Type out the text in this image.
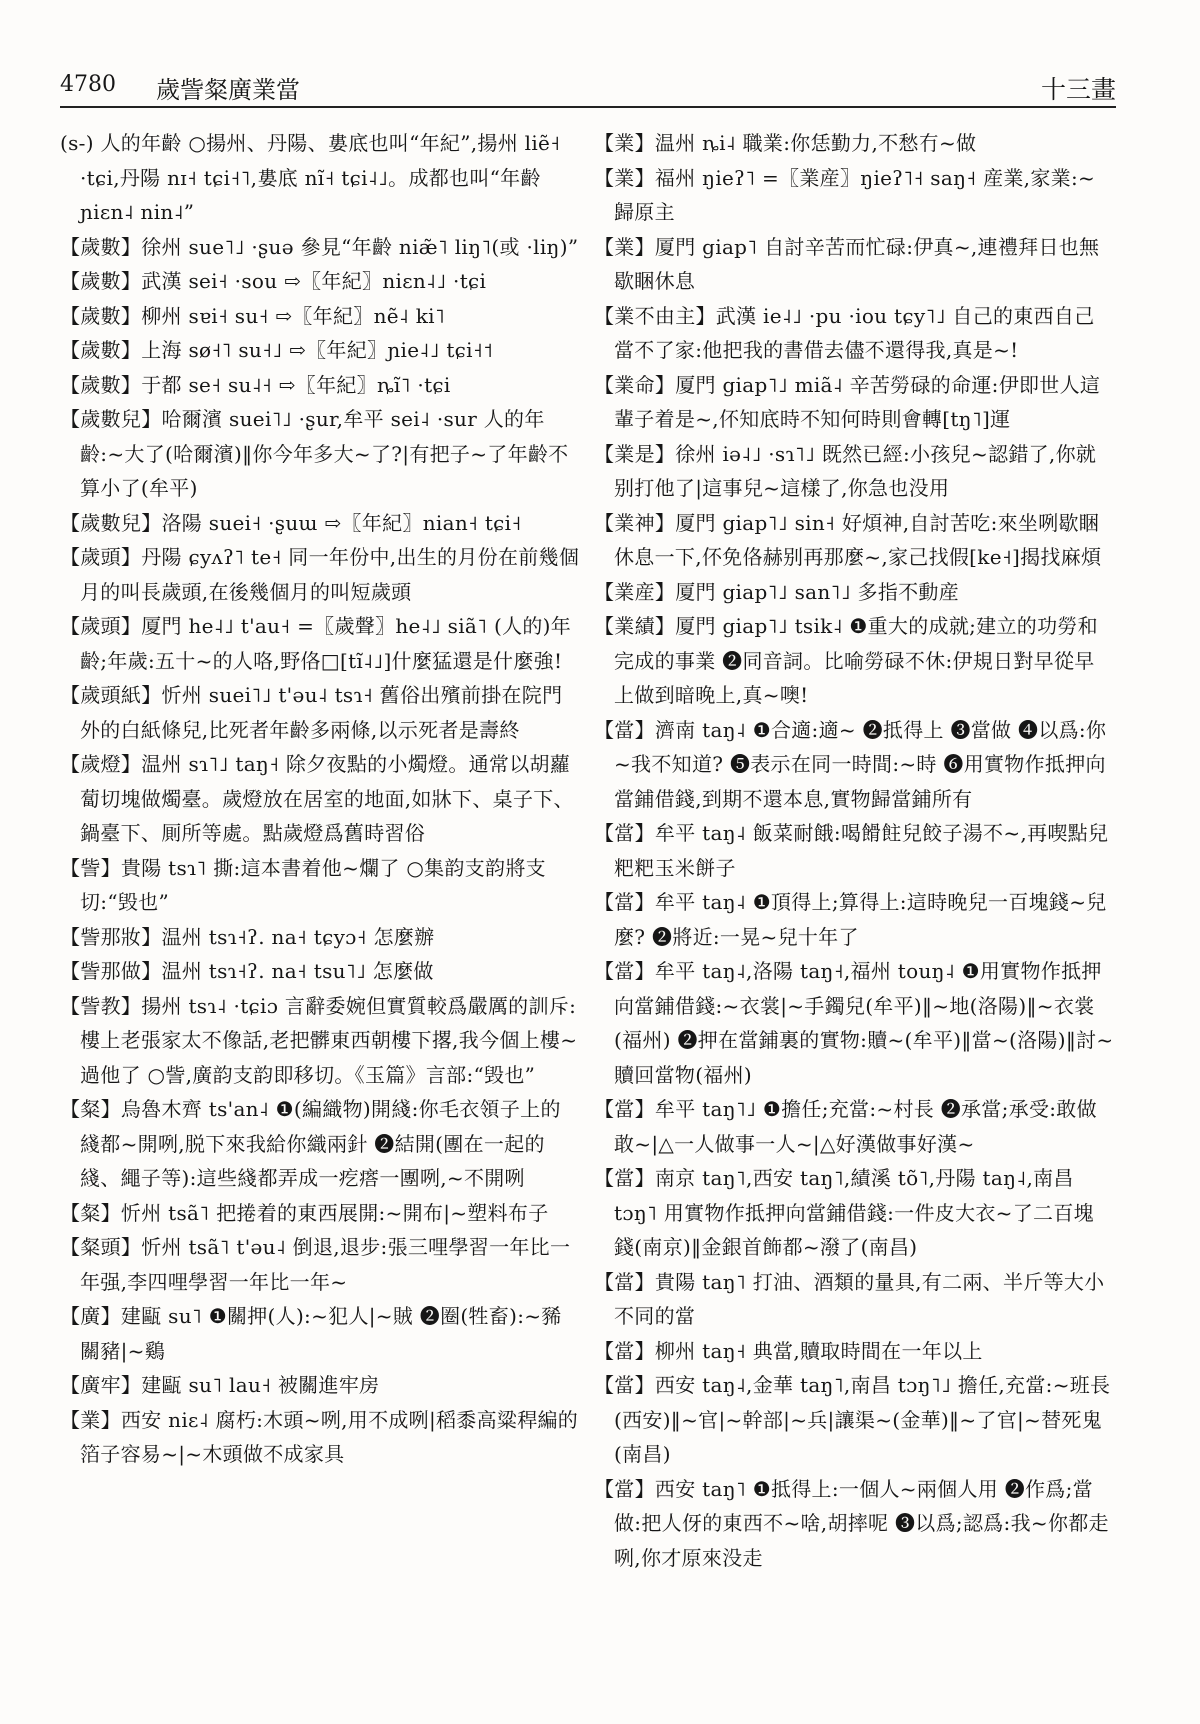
4780 歲訾粲廣業當	十三畫

(s-) 人的年齡 ○揚州、丹陽、婁底也叫“年紀”,揚州 liẽ˧ ·tɕi,丹陽 nɪ˧ tɕi˧˥,婁底 nĩ˧ tɕi˨˩。成都也叫“年齡 ɲiɛn˨ nin˨”

【歲數】徐州 sue˥˩ ·ʂuə 參見“年齡 niæ̃˥ liŋ˥(或 ·liŋ)”

【歲數】武漢 sei˧ ·sou ⇨〖年紀〗niɛn˨˩ ·tɕi

【歲數】柳州 sɐi˧ su˧ ⇨〖年紀〗nẽ˨ ki˥

【歲數】上海 sø˧˥ su˧˩ ⇨〖年紀〗ɲie˨˩ tɕi˧˦

【歲數】于都 se˧ su˨˧ ⇨〖年紀〗ȵĩ˥ ·tɕi

【歲數兒】哈爾濱 suei˥˩ ·ʂur,牟平 sei˨ ·sur 人的年齡:~大了(哈爾濱)‖你今年多大~了?|有把子~了年齡不算小了(牟平)

【歲數兒】洛陽 suei˧ ·ʂuɯ ⇨〖年紀〗nian˧ tɕi˧

【歲頭】丹陽 ɕyʌʔ˥ te˧ 同一年份中,出生的月份在前幾個月的叫長歲頭,在後幾個月的叫短歲頭

【歲頭】厦門 he˨˩ t'au˧ =〖歲聲〗he˨˩ siã˥ (人的)年齡;年歲:五十~的人咯,野佫□[tĩ˨˩]什麼猛還是什麼強!

【歲頭紙】忻州 suei˥˩ t'əu˨ tsɿ˧ 舊俗出殯前掛在院門外的白紙條兒,比死者年齡多兩條,以示死者是壽終

【歲燈】温州 sɿ˥˩ taŋ˧ 除夕夜點的小燭燈。通常以胡蘿蔔切塊做燭臺。歲燈放在居室的地面,如牀下、桌子下、鍋臺下、厠所等處。點歲燈爲舊時習俗

【訾】貴陽 tsɿ˥ 撕:這本書着他~爛了 ○集韵支韵將支切:“毁也”

【訾那妝】温州 tsɿ˧ʔ. na˧ tɕyɔ˧ 怎麼辦

【訾那做】温州 tsɿ˧ʔ. na˧ tsu˥˩ 怎麼做

【訾教】揚州 tsɿ˨ ·tɕiɔ 言辭委婉但實質較爲嚴厲的訓斥:樓上老張家太不像話,老把髒東西朝樓下撂,我今個上樓~過他了 ○訾,廣韵支韵即移切。《玉篇》言部:“毁也”

【粲】烏魯木齊 ts'an˨ ❶(編織物)開綫:你毛衣領子上的綫都~開咧,脱下來我給你織兩針 ❷結開(團在一起的綫、繩子等):這些綫都弄成一疙瘩一團咧,~不開咧

【粲】忻州 tsã˥ 把捲着的東西展開:~開布|~塑料布子

【粲頭】忻州 tsã˥ t'əu˨ 倒退,退步:張三哩學習一年比一年强,李四哩學習一年比一年~

【廣】建甌 su˥ ❶關押(人):~犯人|~賊 ❷圈(牲畜):~豨關豬|~鷄

【廣牢】建甌 su˥ lau˧ 被關進牢房

【業】西安 niɛ˨ 腐朽:木頭~咧,用不成咧|稻黍高粱稈編的箔子容易~|~木頭做不成家具

【業】温州 ȵi˨ 職業:你恁勤力,不愁冇~做

【業】福州 ŋieʔ˥ =〖業産〗ŋieʔ˥˧ saŋ˧ 産業,家業:~歸原主

【業】厦門 giap˥ 自討辛苦而忙碌:伊真~,連禮拜日也無歇睏休息

【業不由主】武漢 ie˨˩ ·pu ·iou tɕy˥˩ 自己的東西自己當不了家:他把我的書借去儘不還得我,真是~!

【業命】厦門 giap˥˩ miã˨ 辛苦勞碌的命運:伊即世人這輩子着是~,伓知底時不知何時則會轉[tŋ˥]運

【業是】徐州 iə˨˩ ·sɿ˥˩ 既然已經:小孩兒~認錯了,你就别打他了|這事兒~這樣了,你急也没用

【業神】厦門 giap˥˩ sin˧ 好煩神,自討苦吃:來坐咧歇睏休息一下,伓免佫赫别再那麼~,家己找假[ke˧]揭找麻煩

【業産】厦門 giap˥˩ san˥˩ 多指不動産

【業績】厦門 giap˥˩ tsik˨ ❶重大的成就;建立的功勞和完成的事業 ❷同音詞。比喻勞碌不休:伊規日對早從早上做到暗晚上,真~噢!

【當】濟南 taŋ˨ ❶合適:適~ ❷抵得上 ❸當做 ❹以爲:你~我不知道? ❺表示在同一時間:~時 ❻用實物作抵押向當鋪借錢,到期不還本息,實物歸當鋪所有

【當】牟平 taŋ˨ 飯菜耐餓:喝餶飳兒餃子湯不~,再喫點兒粑粑玉米餅子

【當】牟平 taŋ˨ ❶頂得上;算得上:這時晚兒一百塊錢~兒麼? ❷將近:一晃~兒十年了

【當】牟平 taŋ˨,洛陽 taŋ˧,福州 touŋ˨ ❶用實物作抵押向當鋪借錢:~衣裳|~手鐲兒(牟平)‖~地(洛陽)‖~衣裳(福州) ❷押在當鋪裏的實物:贖~(牟平)‖當~(洛陽)‖討~贖回當物(福州)

【當】牟平 taŋ˥˩ ❶擔任;充當:~村長 ❷承當;承受:敢做敢~|△一人做事一人~|△好漢做事好漢~

【當】南京 taŋ˥,西安 taŋ˥,績溪 tõ˥,丹陽 taŋ˨,南昌 tɔŋ˥ 用實物作抵押向當鋪借錢:一件皮大衣~了二百塊錢(南京)‖金銀首飾都~潑了(南昌)

【當】貴陽 taŋ˥ 打油、酒類的量具,有二兩、半斤等大小不同的當

【當】柳州 taŋ˧ 典當,贖取時間在一年以上

【當】西安 taŋ˨,金華 taŋ˥,南昌 tɔŋ˥˩ 擔任,充當:~班長(西安)‖~官|~幹部|~兵|讓渠~(金華)‖~了官|~替死鬼(南昌)

【當】西安 taŋ˥ ❶抵得上:一個人~兩個人用 ❷作爲;當做:把人伢的東西不~啥,胡摔呢 ❸以爲;認爲:我~你都走咧,你才原來没走
